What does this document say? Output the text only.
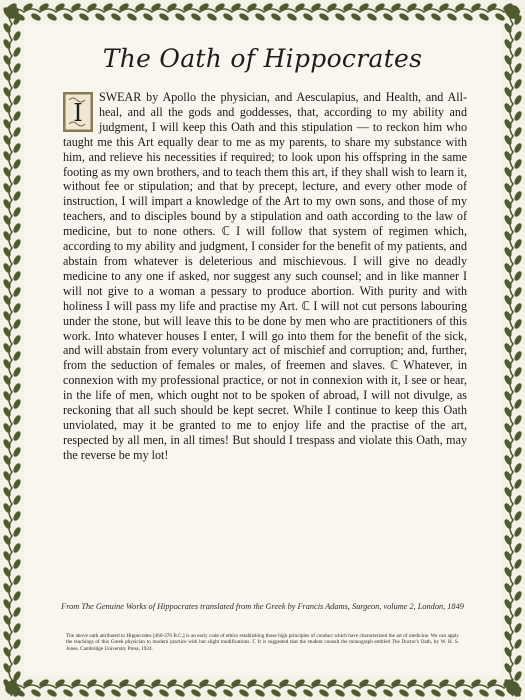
The Oath of Hippocrates
I
SWEAR by Apollo the physician, and Aesculapius, and Health, and All-heal, and all the gods and goddesses, that, according to my ability and judgment, I will keep this Oath and this stipulation — to reckon him who taught me this Art equally dear to me as my parents, to share my substance with him, and relieve his necessities if required; to look upon his offspring in the same footing as my own brothers, and to teach them this art, if they shall wish to learn it, without fee or stipulation; and that by precept, lecture, and every other mode of instruction, I will impart a knowledge of the Art to my own sons, and those of my teachers, and to disciples bound by a stipulation and oath according to the law of medicine, but to none others. ℂ I will follow that system of regimen which, according to my ability and judgment, I consider for the benefit of my patients, and abstain from whatever is deleterious and mischievous. I will give no deadly medicine to any one if asked, nor suggest any such counsel; and in like manner I will not give to a woman a pessary to produce abortion. With purity and with holiness I will pass my life and practise my Art. ℂ I will not cut persons labouring under the stone, but will leave this to be done by men who are practitioners of this work. Into whatever houses I enter, I will go into them for the benefit of the sick, and will abstain from every voluntary act of mischief and corruption; and, further, from the seduction of females or males, of freemen and slaves. ℂ Whatever, in connexion with my professional practice, or not in connexion with it, I see or hear, in the life of men, which ought not to be spoken of abroad, I will not divulge, as reckoning that all such should be kept secret. While I continue to keep this Oath unviolated, may it be granted to me to enjoy life and the practise of the art, respected by all men, in all times! But should I trespass and violate this Oath, may the reverse be my lot!
From The Genuine Works of Hippocrates translated from the Greek by Francis Adams, Surgeon, volume 2, London, 1849
The above oath attributed to Hippocrates [460-370 B.C.] is an early code of ethics establishing those high principles of conduct which have characterized the art of medicine. We can apply the teachings of this Greek physician to modern practice with but slight modifications. ℂ It is suggested that the student consult the monograph entitled The Doctor's Oath, by W. H. S. Jones, Cambridge University Press, 1924.
